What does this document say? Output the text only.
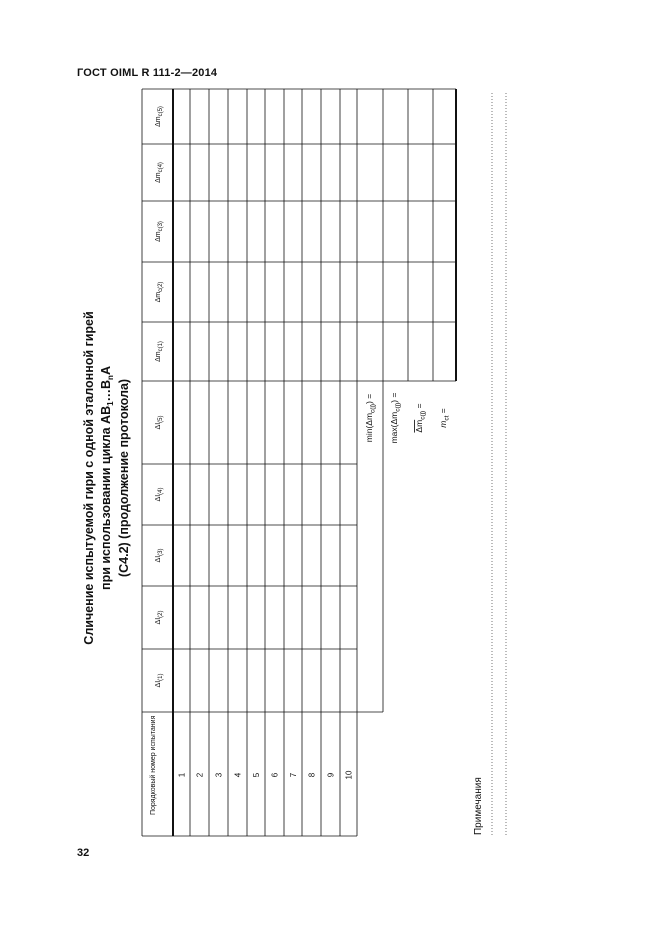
ГОСТ OIML R 111-2—2014
Сличение испытуемой гири с одной эталонной гирей при использовании цикла $AB_1\dots B_nA$
(C4.2) (продолжение протокола)
Порядковый номер испытания
ΔI(1)
ΔI(2)
ΔI(3)
ΔI(4)
ΔI(5)
Δmc(1)
Δmc(2)
Δmc(3)
Δmc(4)
Δmc(5)
1 2 3 4 5 6 7 8 9 10
$\min(\Delta m_{c(j)})$ =
$\max(\Delta m_{c(j)})$ =
$\Delta m_{c(j)}$ =
$m_{ct}$ =
Примечания
32
